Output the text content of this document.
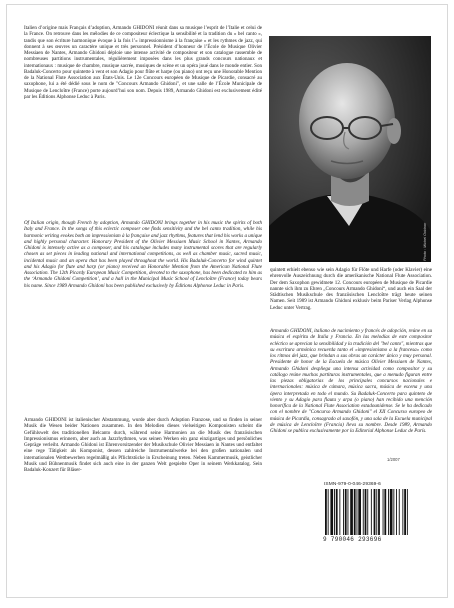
Italien d’origine mais Français d’adoption, Armando GHIDONI réunit dans sa musique l’esprit de l’Italie et celui de la France. On retrouve dans les mélodies de ce compositeur éclectique la sensibilité et la tradition du « bel canto », tandis que son écriture harmonique évoque à la fois l’« impressionnisme à la française » et les rythmes de jazz, qui donnent à ses œuvres un caractère unique et très personnel. Président d’honneur de l’École de Musique Olivier Messiaen de Nantes, Armando Ghidoni déploie une intense activité de compositeur et son catalogue rassemble de nombreuses partitions instrumentales, régulièrement imposées dans les plus grands concours nationaux et internationaux : musique de chambre, musique sacrée, musiques de scène et un opéra joué dans le monde entier. Son Badaluk-Concerto pour quintette à vent et son Adagio pour flûte et harpe (ou piano) ont reçu une Honorable Mention de la National Flute Association aux États-Unis. Le 12e Concours européen de Musique de Picardie, consacré au saxophone, lui a été dédié sous le nom de "Concours Armando Ghidoni", et une salle de l’École Municipale de Musique de Lencloître (France) porte aujourd’hui son nom. Depuis 1989, Armando Ghidoni est exclusivement édité par les Éditions Alphonse Leduc à Paris.

Of Italian origin, though French by adoption, Armando GHIDONI brings together in his music the spirits of both Italy and France. In the songs of this eclectic composer one finds sensitivity and the bel canto tradition, while his harmonic writing evokes both an impressionism à la française and jazz rhythms, features that lend his works a unique and highly personal character. Honorary President of the Olivier Messiaen Music School in Nantes, Armando Ghidoni is intensely active as a composer, and his catalogue includes many instrumental scores that are regularly chosen as set pieces in leading national and international competitions, as well as chamber music, sacred music, incidental music and an opera that has been played throughout the world. His Badaluk-Concerto for wind quintet and his Adagio for flute and harp (or piano) received an Honorable Mention from the American National Flute Association. The 12th Picardy European Music Competition, devoted to the saxophone, has been dedicated to him as the ‘Armando Ghidoni Competition’, and a hall in the Municipal Music School of Lencloître (France) today bears his name. Since 1989 Armando Ghidoni has been published exclusively by Éditions Alphonse Leduc in Paris.

Armando GHIDONI ist italienischer Abstammung, wurde aber durch Adoption Franzose, und so finden in seiner Musik die Wesen beider Nationen zusammen. In den Melodien dieses vielseitigen Komponisten scheint die Gefühlswelt des traditionellen Belcanto durch, während seine Harmonien an die Musik des französischen Impressionismus erinnern, aber auch an Jazzrhythmen, was seinen Werken ein ganz einzigartiges und persönliches Gepräge verleiht. Armando Ghidoni ist Ehrenvorsitzender der Musikschule Olivier Messiaen in Nantes und entfaltet eine rege Tätigkeit als Komponist, dessen zahlreiche Instrumentalwerke bei den großen nationalen und internationalen Wettbewerben regelmäßig als Pflichtstücke in Erscheinung treten. Neben Kammermusik, geistlicher Musik und Bühnenmusik findet sich auch eine in der ganzen Welt gespielte Oper in seinem Werkkatalog. Sein Badaluk-Konzert für Bläser-

Photo : Michel Orichon

quintett erhielt ebenso wie sein Adagio für Flöte und Harfe (oder Klavier) eine ehrenvolle Auszeichnung durch die amerikanische National Flute Association. Der dem Saxophon gewidmete 12. Concours européen de Musique de Picardie nannte sich ihm zu Ehren „Concours Armando Ghidoni“, und auch ein Saal der Städtischen Musikschule des französischen Lencloître trägt heute seinen Namen. Seit 1989 ist Armando Ghidoni exklusiv beim Pariser Verlag Alphonse Leduc unter Vertrag.

Armando GHIDONI, italiano de nacimiento y francés de adopción, reúne en su música el espíritu de Italia y Francia. En las melodías de este compositor ecléctico se aprecian la sensibilidad y la tradición del "bel canto", mientras que su escritura armónica recuerda tanto el «impresionismo a la francesa» como los ritmos del jazz, que brindan a sus obras un carácter único y muy personal. Presidente de honor de la Escuela de música Olivier Messiaen de Nantes, Armando Ghidoni despliega una intensa actividad como compositor y su catálogo reúne muchas partituras instrumentales, que a menudo figuran entre las piezas obligatorias de los principales concursos nacionales e internacionales: música de cámara, música sacra, música de escena y una ópera interpretada en todo el mundo. Su Badaluk-Concerto para quinteto de viento y su Adagio para flauta y arpa (o piano) han recibido una mención honorífica de la National Flute Association estadounidense. Se le ha dedicado con el nombre de "Concurso Armando Ghidoni" el XII Concurso europeo de música de Picardía, consagrado al saxofón, y una sala de la Escuela municipal de música de Lencloître (Francia) lleva su nombre. Desde 1989, Armando Ghidoni se publica exclusivamente por la Editorial Alphonse Leduc de París.

1/2007
ISMN-979-0-046-29369-6
9 790046 293696
